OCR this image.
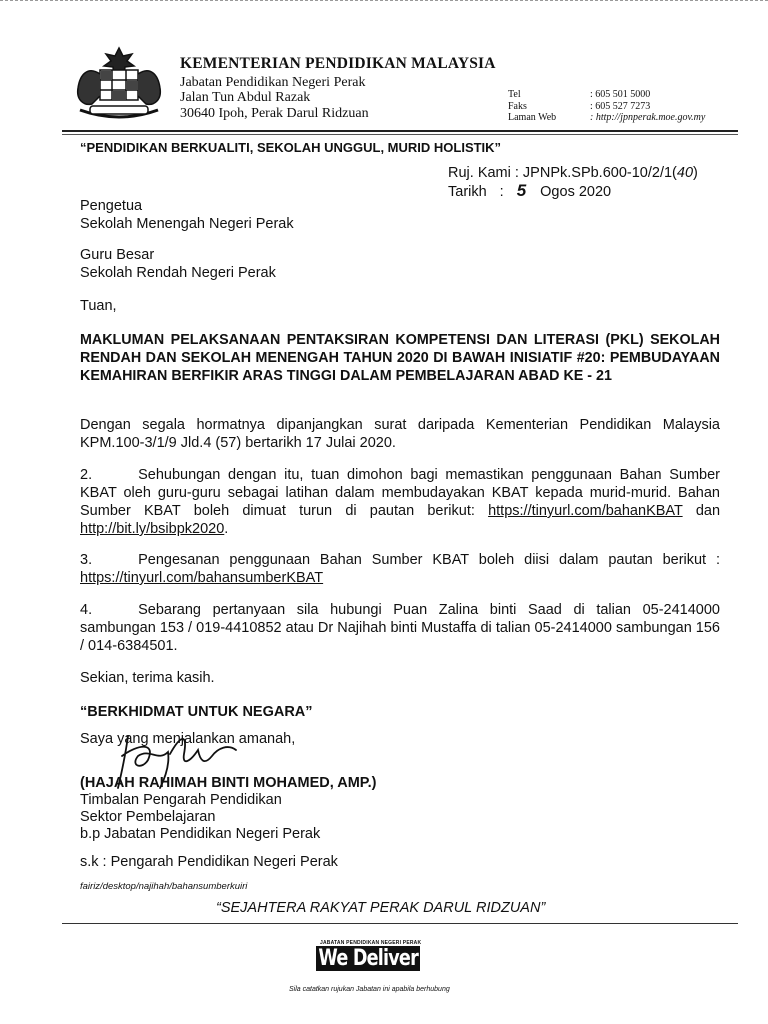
KEMENTERIAN PENDIDIKAN MALAYSIA
Jabatan Pendidikan Negeri Perak
Jalan Tun Abdul Razak
30640 Ipoh, Perak Darul Ridzuan
Tel	: 605 501 5000
Faks	: 605 527 7273
Laman Web	: http://jpnperak.moe.gov.my
“PENDIDIKAN BERKUALITI, SEKOLAH UNGGUL, MURID HOLISTIK”
Ruj. Kami : JPNPk.SPb.600-10/2/1(40)
Tarikh : 5 Ogos 2020
Pengetua
Sekolah Menengah Negeri Perak
Guru Besar
Sekolah Rendah Negeri Perak
Tuan,
MAKLUMAN PELAKSANAAN PENTAKSIRAN KOMPETENSI DAN LITERASI (PKL) SEKOLAH RENDAH DAN SEKOLAH MENENGAH TAHUN 2020 DI BAWAH INISIATIF #20: PEMBUDAYAAN KEMAHIRAN BERFIKIR ARAS TINGGI DALAM PEMBELAJARAN ABAD KE - 21
Dengan segala hormatnya dipanjangkan surat daripada Kementerian Pendidikan Malaysia KPM.100-3/1/9 Jld.4 (57) bertarikh 17 Julai 2020.
2.	Sehubungan dengan itu, tuan dimohon bagi memastikan penggunaan Bahan Sumber KBAT oleh guru-guru sebagai latihan dalam membudayakan KBAT kepada murid-murid. Bahan Sumber KBAT boleh dimuat turun di pautan berikut: https://tinyurl.com/bahanKBAT dan http://bit.ly/bsibpk2020.
3.	Pengesanan penggunaan Bahan Sumber KBAT boleh diisi dalam pautan berikut : https://tinyurl.com/bahansumberKBAT
4.	Sebarang pertanyaan sila hubungi Puan Zalina binti Saad di talian 05-2414000 sambungan 153 / 019-4410852 atau Dr Najihah binti Mustaffa di talian 05-2414000 sambungan 156 / 014-6384501.
Sekian, terima kasih.
“BERKHIDMAT UNTUK NEGARA”
Saya yang menjalankan amanah,
(HAJAH RAHIMAH BINTI MOHAMED, AMP.)
Timbalan Pengarah Pendidikan
Sektor Pembelajaran
b.p Jabatan Pendidikan Negeri Perak
s.k : Pengarah Pendidikan Negeri Perak
fairiz/desktop/najihah/bahansumberkuiri
“SEJAHTERA RAKYAT PERAK DARUL RIDZUAN”
JABATAN PENDIDIKAN NEGERI PERAK
We Deliver
Sila catatkan rujukan Jabatan ini apabila berhubung
